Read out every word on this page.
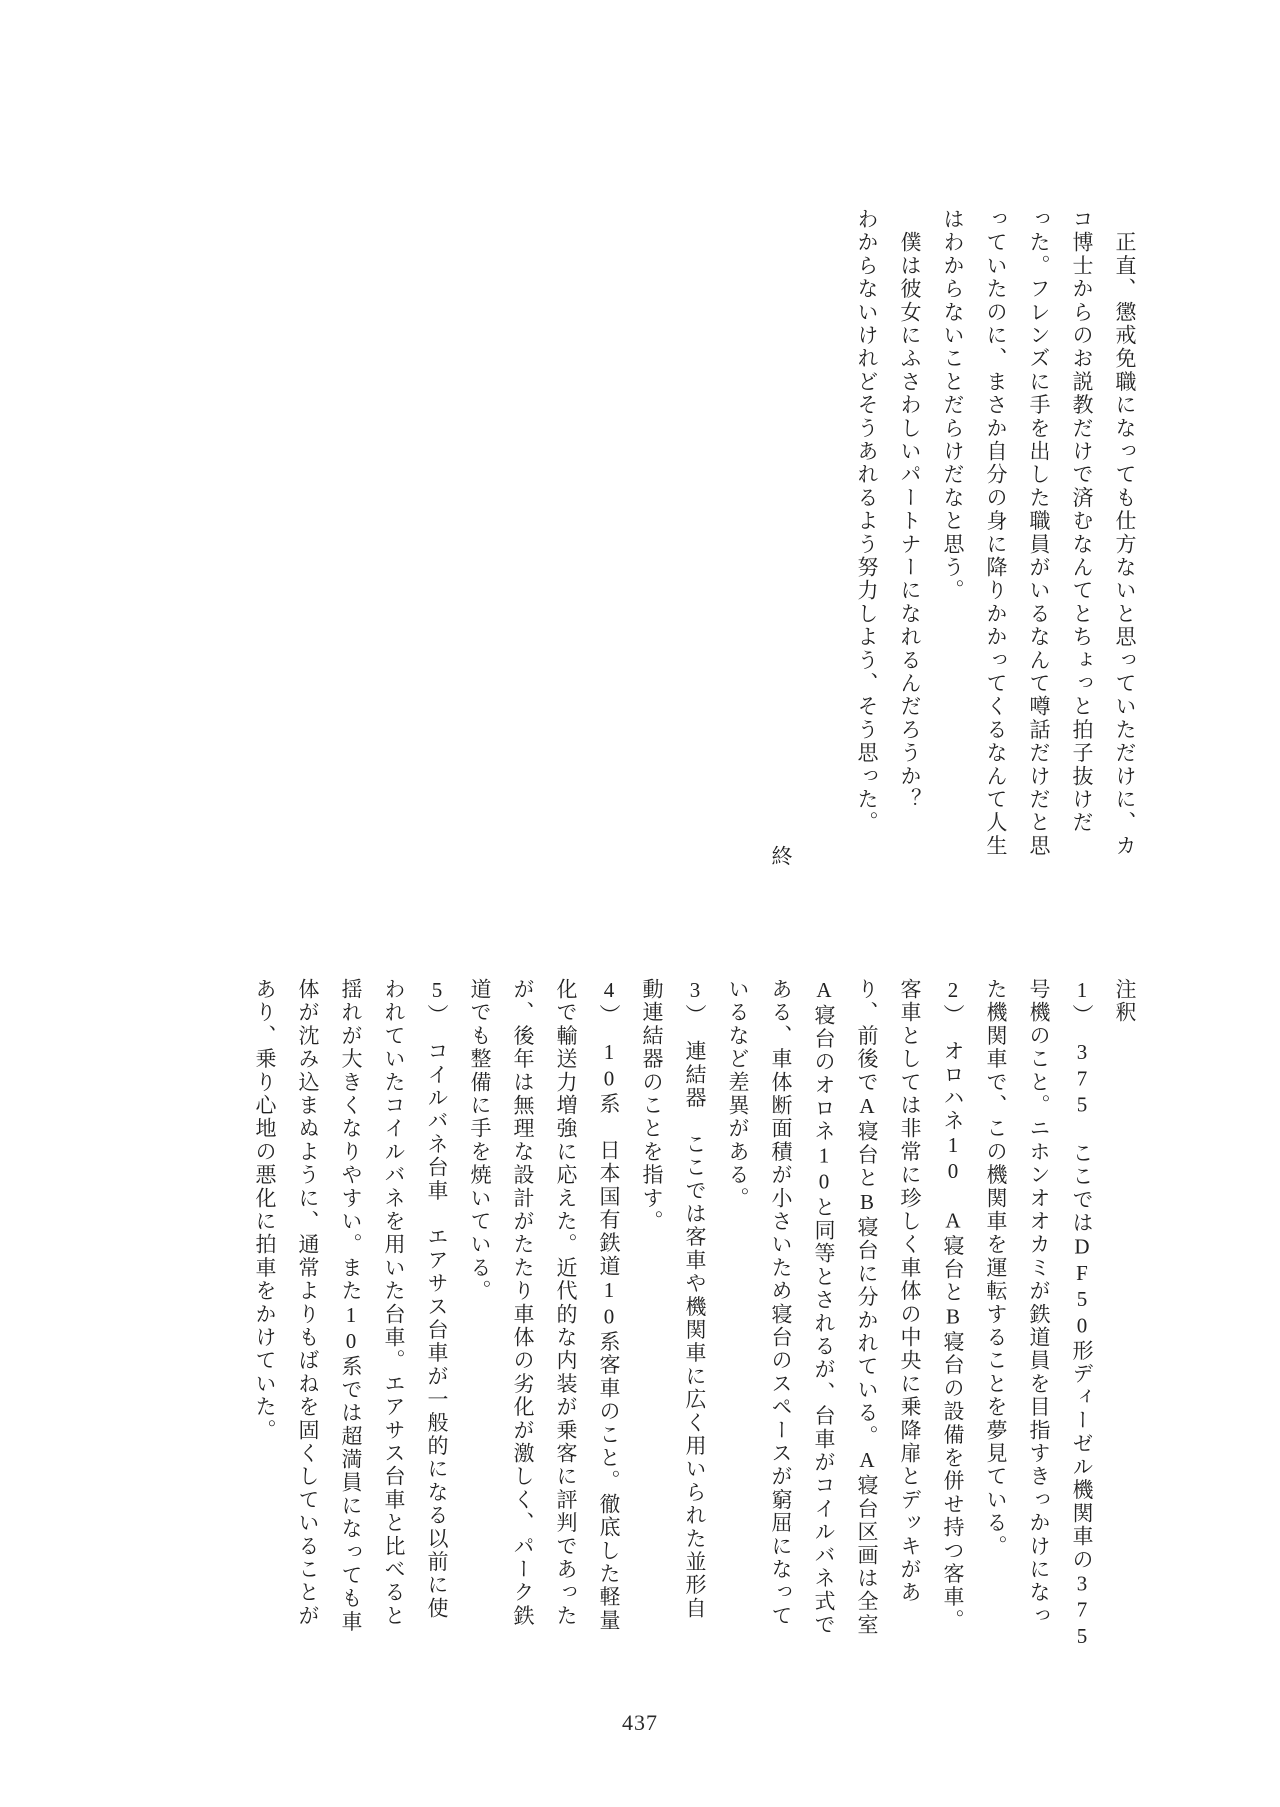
　正直、懲戒免職になっても仕方ないと思っていただけに、カ
コ博士からのお説教だけで済むなんてとちょっと拍子抜けだ
った。フレンズに手を出した職員がいるなんて噂話だけだと思
っていたのに、まさか自分の身に降りかかってくるなんて人生
はわからないことだらけだなと思う。
　僕は彼女にふさわしいパートナーになれるんだろうか？
わからないけれどそうあれるよう努力しよう、そう思った。
終
注釈
1）　375　ここではDF50形ディーゼル機関車の375
号機のこと。ニホンオオカミが鉄道員を目指すきっかけになっ
た機関車で、この機関車を運転することを夢見ている。
2）　オロハネ10　A寝台とB寝台の設備を併せ持つ客車。
客車としては非常に珍しく車体の中央に乗降扉とデッキがあ
り、前後でA寝台とB寝台に分かれている。A寝台区画は全室
A寝台のオロネ10と同等とされるが、台車がコイルバネ式で
ある、車体断面積が小さいため寝台のスペースが窮屈になって
いるなど差異がある。
3）　連結器　ここでは客車や機関車に広く用いられた並形自
動連結器のことを指す。
4）　10系　日本国有鉄道10系客車のこと。徹底した軽量
化で輸送力増強に応えた。近代的な内装が乗客に評判であった
が、後年は無理な設計がたたり車体の劣化が激しく、パーク鉄
道でも整備に手を焼いている。
5）　コイルバネ台車　エアサス台車が一般的になる以前に使
われていたコイルバネを用いた台車。エアサス台車と比べると
揺れが大きくなりやすい。また10系では超満員になっても車
体が沈み込まぬように、通常よりもばねを固くしていることが
あり、乗り心地の悪化に拍車をかけていた。
437
